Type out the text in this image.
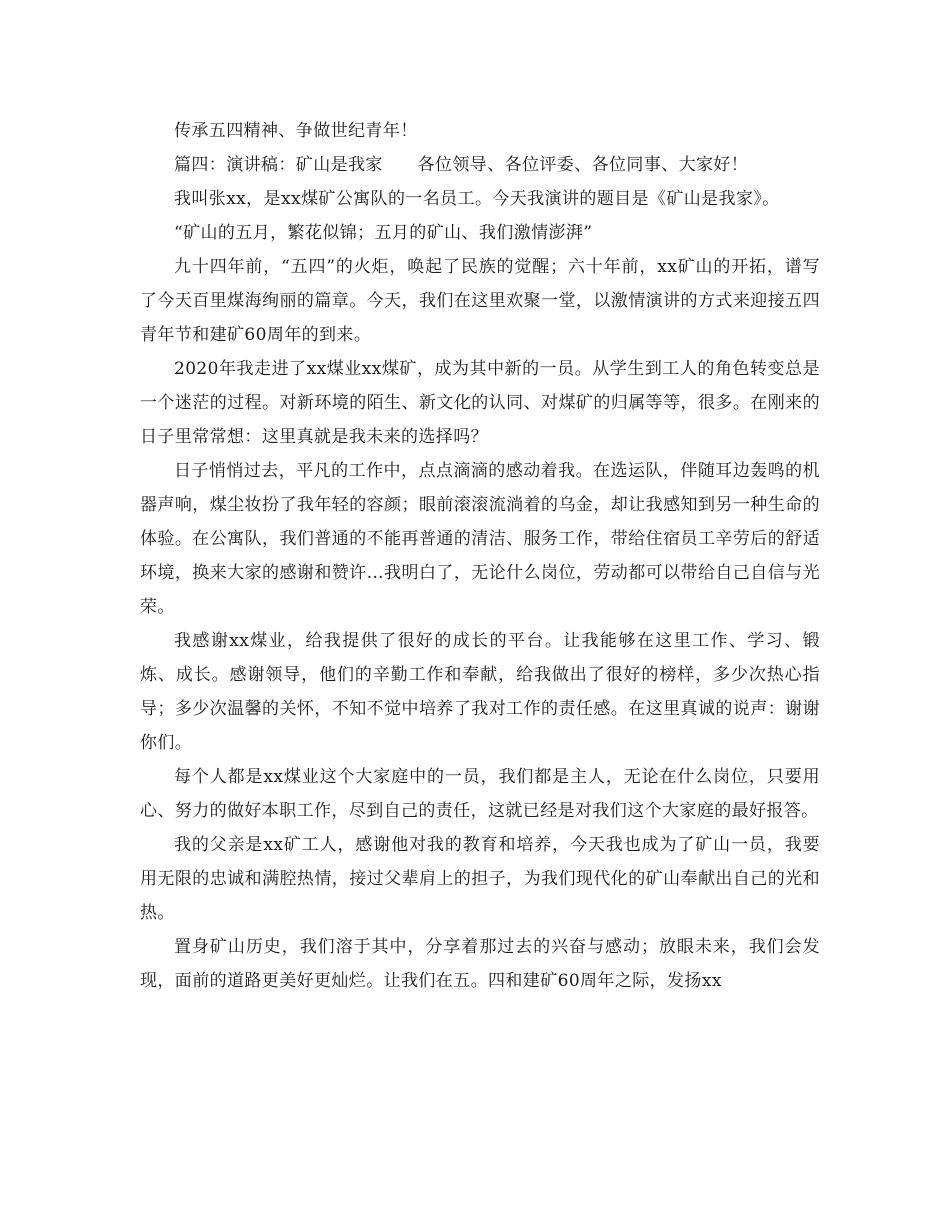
传承五四精神、争做世纪青年！

篇四：演讲稿：矿山是我家　　各位领导、各位评委、各位同事、大家好！

我叫张xx，是xx煤矿公寓队的一名员工。今天我演讲的题目是《矿山是我家》。

“矿山的五月，繁花似锦；五月的矿山、我们激情澎湃”

九十四年前，“五四”的火炬，唤起了民族的觉醒；六十年前，xx矿山的开拓，谱写了今天百里煤海绚丽的篇章。今天，我们在这里欢聚一堂，以激情演讲的方式来迎接五四青年节和建矿60周年的到来。

2020年我走进了xx煤业xx煤矿，成为其中新的一员。从学生到工人的角色转变总是一个迷茫的过程。对新环境的陌生、新文化的认同、对煤矿的归属等等，很多。在刚来的日子里常常想：这里真就是我未来的选择吗？

日子悄悄过去，平凡的工作中，点点滴滴的感动着我。在选运队，伴随耳边轰鸣的机器声响，煤尘妆扮了我年轻的容颜；眼前滚滚流淌着的乌金，却让我感知到另一种生命的体验。在公寓队，我们普通的不能再普通的清洁、服务工作，带给住宿员工辛劳后的舒适环境，换来大家的感谢和赞许…我明白了，无论什么岗位，劳动都可以带给自己自信与光荣。

我感谢xx煤业，给我提供了很好的成长的平台。让我能够在这里工作、学习、锻炼、成长。感谢领导，他们的辛勤工作和奉献，给我做出了很好的榜样，多少次热心指导；多少次温馨的关怀，不知不觉中培养了我对工作的责任感。在这里真诚的说声：谢谢你们。

每个人都是xx煤业这个大家庭中的一员，我们都是主人，无论在什么岗位，只要用心、努力的做好本职工作，尽到自己的责任，这就已经是对我们这个大家庭的最好报答。

我的父亲是xx矿工人，感谢他对我的教育和培养，今天我也成为了矿山一员，我要用无限的忠诚和满腔热情，接过父辈肩上的担子，为我们现代化的矿山奉献出自己的光和热。

置身矿山历史，我们溶于其中，分享着那过去的兴奋与感动；放眼未来，我们会发现，面前的道路更美好更灿烂。让我们在五。四和建矿60周年之际，发扬xx
